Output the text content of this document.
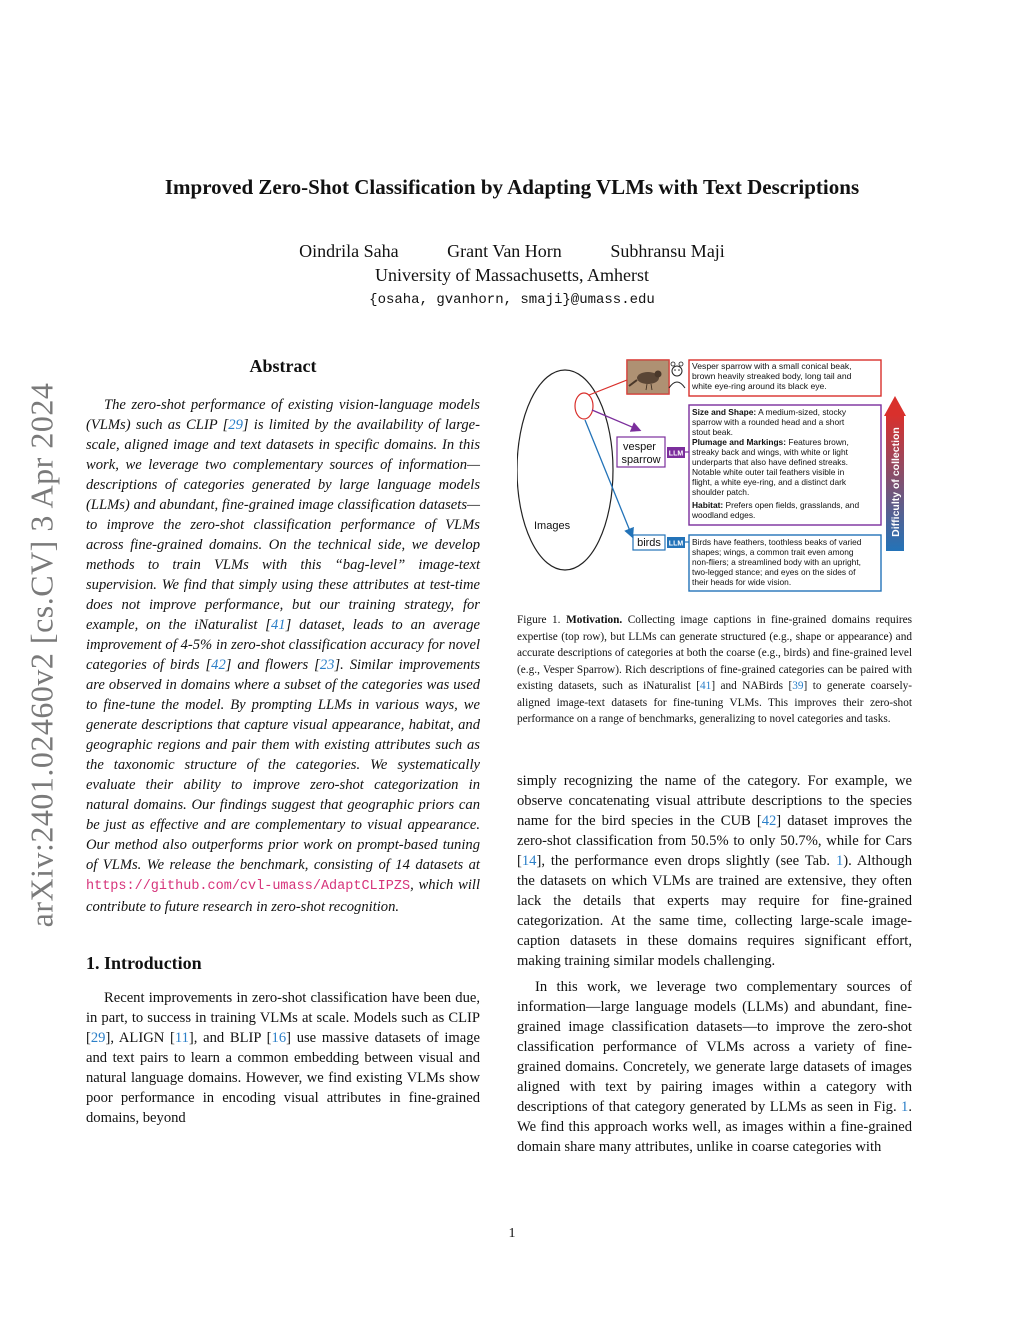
arXiv:2401.02460v2 [cs.CV] 3 Apr 2024
Improved Zero-Shot Classification by Adapting VLMs with Text Descriptions
Oindrila Saha	Grant Van Horn	Subhransu Maji
University of Massachusetts, Amherst
{osaha, gvanhorn, smaji}@umass.edu
Abstract

The zero-shot performance of existing vision-language models (VLMs) such as CLIP [29] is limited by the availability of large-scale, aligned image and text datasets in specific domains. In this work, we leverage two complementary sources of information—descriptions of categories generated by large language models (LLMs) and abundant, fine-grained image classification datasets—to improve the zero-shot classification performance of VLMs across fine-grained domains. On the technical side, we develop methods to train VLMs with this “bag-level” image-text supervision. We find that simply using these attributes at test-time does not improve performance, but our training strategy, for example, on the iNaturalist [41] dataset, leads to an average improvement of 4-5% in zero-shot classification accuracy for novel categories of birds [42] and flowers [23]. Similar improvements are observed in domains where a subset of the categories was used to fine-tune the model. By prompting LLMs in various ways, we generate descriptions that capture visual appearance, habitat, and geographic regions and pair them with existing attributes such as the taxonomic structure of the categories. We systematically evaluate their ability to improve zero-shot categorization in natural domains. Our findings suggest that geographic priors can be just as effective and are complementary to visual appearance. Our method also outperforms prior work on prompt-based tuning of VLMs. We release the benchmark, consisting of 14 datasets at https://github.com/cvl-umass/AdaptCLIPZS, which will contribute to future research in zero-shot recognition.

1. Introduction

Recent improvements in zero-shot classification have been due, in part, to success in training VLMs at scale. Models such as CLIP [29], ALIGN [11], and BLIP [16] use massive datasets of image and text pairs to learn a common embedding between visual and natural language domains. However, we find existing VLMs show poor performance in encoding visual attributes in fine-grained domains, beyond

Images
Vesper sparrow with a small conical beak, brown heavily streaked body, long tail and white eye-ring around its black eye.
vesper sparrow LLM
Size and Shape: A medium-sized, stocky sparrow with a rounded head and a short stout beak. Plumage and Markings: Features brown, streaky back and wings, with white or light underparts that also have defined streaks. Notable white outer tail feathers visible in flight, a white eye-ring, and a distinct dark shoulder patch. Habitat: Prefers open fields, grasslands, and woodland edges.
birds LLM Birds have feathers, toothless beaks of varied shapes; wings, a common trait even among non-fliers; a streamlined body with an upright, two-legged stance; and eyes on the sides of their heads for wide vision.
Difficulty of collection

Figure 1. Motivation. Collecting image captions in fine-grained domains requires expertise (top row), but LLMs can generate structured (e.g., shape or appearance) and accurate descriptions of categories at both the coarse (e.g., birds) and fine-grained level (e.g., Vesper Sparrow). Rich descriptions of fine-grained categories can be paired with existing datasets, such as iNaturalist [41] and NABirds [39] to generate coarsely-aligned image-text datasets for fine-tuning VLMs. This improves their zero-shot performance on a range of benchmarks, generalizing to novel categories and tasks.

simply recognizing the name of the category. For example, we observe concatenating visual attribute descriptions to the species name for the bird species in the CUB [42] dataset improves the zero-shot classification from 50.5% to only 50.7%, while for Cars [14], the performance even drops slightly (see Tab. 1). Although the datasets on which VLMs are trained are extensive, they often lack the details that experts may require for fine-grained categorization. At the same time, collecting large-scale image-caption datasets in these domains requires significant effort, making training similar models challenging.

In this work, we leverage two complementary sources of information—large language models (LLMs) and abundant, fine-grained image classification datasets—to improve the zero-shot classification performance of VLMs across a variety of fine-grained domains. Concretely, we generate large datasets of images aligned with text by pairing images within a category with descriptions of that category generated by LLMs as seen in Fig. 1. We find this approach works well, as images within a fine-grained domain share many attributes, unlike in coarse categories with

1
